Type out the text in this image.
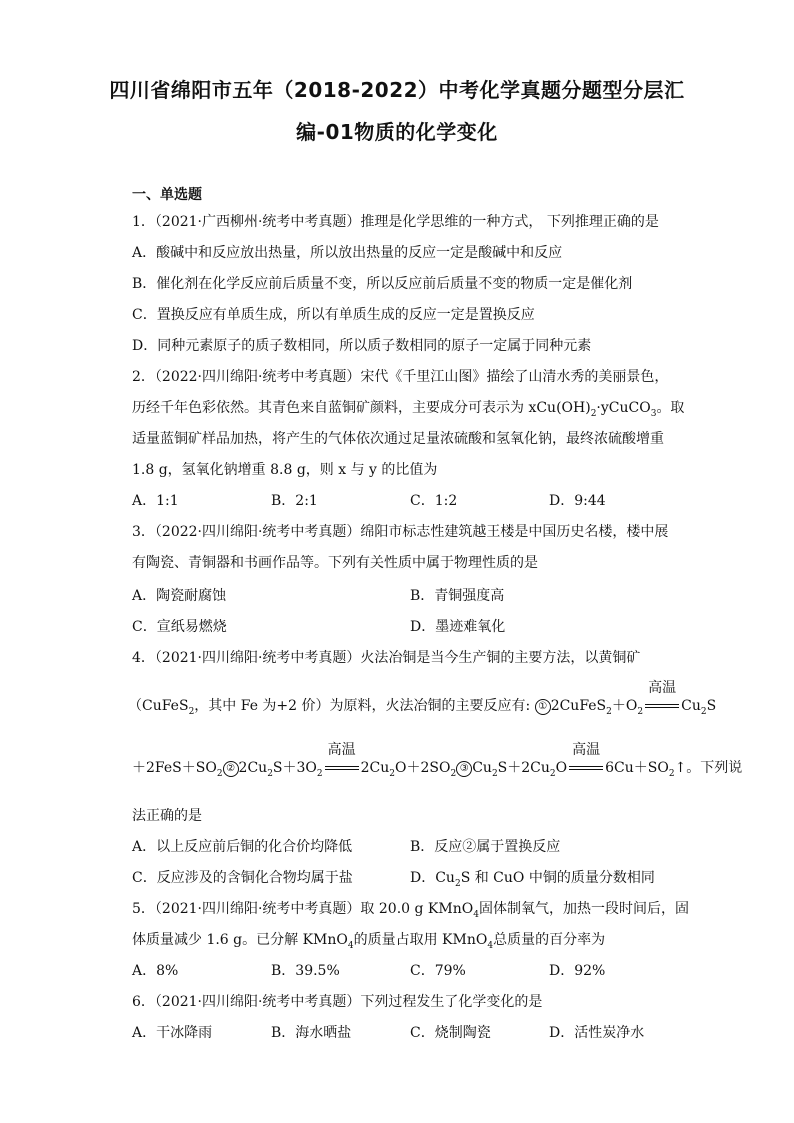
四川省绵阳市五年（2018-2022）中考化学真题分题型分层汇
编-01物质的化学变化
一、单选题
1．（2021·广西柳州·统考中考真题）推理是化学思维的一种方式， 下列推理正确的是
A．酸碱中和反应放出热量，所以放出热量的反应一定是酸碱中和反应
B．催化剂在化学反应前后质量不变，所以反应前后质量不变的物质一定是催化剂
C．置换反应有单质生成，所以有单质生成的反应一定是置换反应
D．同种元素原子的质子数相同，所以质子数相同的原子一定属于同种元素
2．（2022·四川绵阳·统考中考真题）宋代《千里江山图》描绘了山清水秀的美丽景色，
历经千年色彩依然。其青色来自蓝铜矿颜料，主要成分可表示为 $xCu(OH)_2\cdot yCuCO_3$。取
适量蓝铜矿样品加热，将产生的气体依次通过足量浓硫酸和氢氧化钠，最终浓硫酸增重
1.8 g，氢氧化钠增重 8.8 g，则 x 与 y 的比值为
A．1:1	B．2:1	C．1:2	D．9:44
3．（2022·四川绵阳·统考中考真题）绵阳市标志性建筑越王楼是中国历史名楼，楼中展
有陶瓷、青铜器和书画作品等。下列有关性质中属于物理性质的是
A．陶瓷耐腐蚀	B．青铜强度高
C．宣纸易燃烧	D．墨迹难氧化
4．（2021·四川绵阳·统考中考真题）火法冶铜是当今生产铜的主要方法，以黄铜矿
（CuFeS$_2$，其中 Fe 为+2 价）为原料，火法冶铜的主要反应有: ① $2CuFeS_2+O_2$
高温
$Cu_2S$
$+2FeS+SO_2$ ② $2Cu_2S+3O_2$
高温
$2Cu_2O+2SO_2$ ③ $Cu_2S+2Cu_2O$
高温
$6Cu+SO_2↑$。下列说
法正确的是
A．以上反应前后铜的化合价均降低	B．反应②属于置换反应
C．反应涉及的含铜化合物均属于盐	D．$Cu_2S$ 和 CuO 中铜的质量分数相同
5．（2021·四川绵阳·统考中考真题）取 20.0 g KMnO$_4$固体制氧气，加热一段时间后，固
体质量减少 1.6 g。已分解 KMnO$_4$的质量占取用 KMnO$_4$总质量的百分率为
A．8%	B．39.5%	C．79%	D．92%
6．（2021·四川绵阳·统考中考真题）下列过程发生了化学变化的是
A．干冰降雨	B．海水晒盐	C．烧制陶瓷	D．活性炭净水
